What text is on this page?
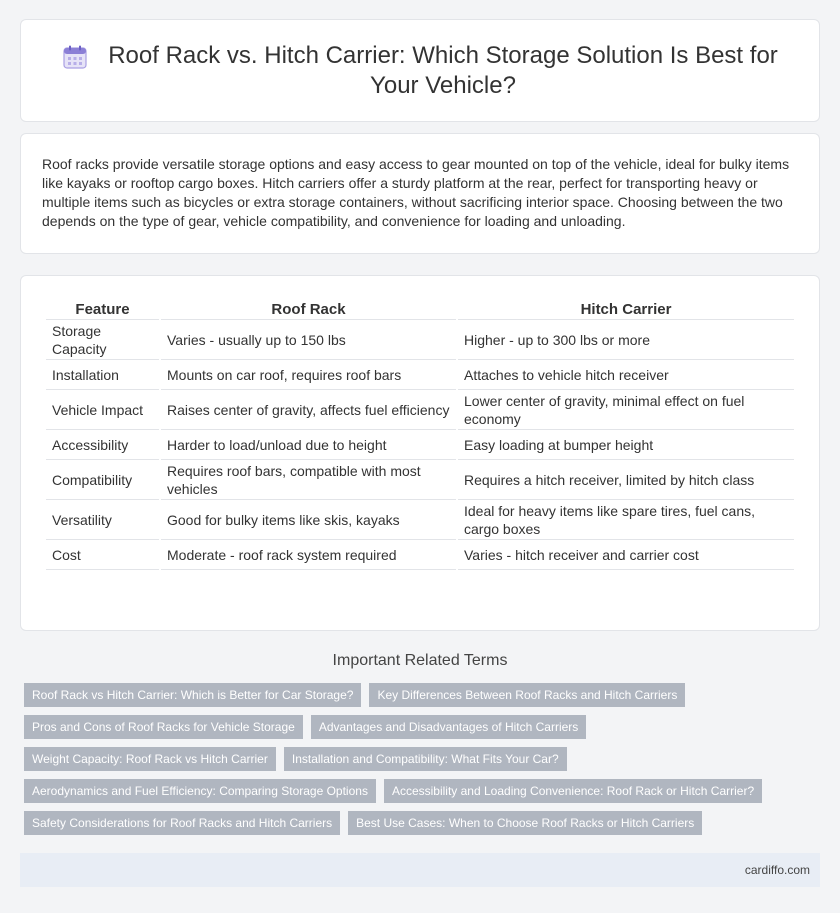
Roof Rack vs. Hitch Carrier: Which Storage Solution Is Best for Your Vehicle?

Roof racks provide versatile storage options and easy access to gear mounted on top of the vehicle, ideal for bulky items like kayaks or rooftop cargo boxes. Hitch carriers offer a sturdy platform at the rear, perfect for transporting heavy or multiple items such as bicycles or extra storage containers, without sacrificing interior space. Choosing between the two depends on the type of gear, vehicle compatibility, and convenience for loading and unloading.

Feature	Roof Rack	Hitch Carrier
Storage Capacity	Varies - usually up to 150 lbs	Higher - up to 300 lbs or more
Installation	Mounts on car roof, requires roof bars	Attaches to vehicle hitch receiver
Vehicle Impact	Raises center of gravity, affects fuel efficiency	Lower center of gravity, minimal effect on fuel economy
Accessibility	Harder to load/unload due to height	Easy loading at bumper height
Compatibility	Requires roof bars, compatible with most vehicles	Requires a hitch receiver, limited by hitch class
Versatility	Good for bulky items like skis, kayaks	Ideal for heavy items like spare tires, fuel cans, cargo boxes
Cost	Moderate - roof rack system required	Varies - hitch receiver and carrier cost
Important Related Terms
Roof Rack vs Hitch Carrier: Which is Better for Car Storage?	Key Differences Between Roof Racks and Hitch Carriers
Pros and Cons of Roof Racks for Vehicle Storage	Advantages and Disadvantages of Hitch Carriers
Weight Capacity: Roof Rack vs Hitch Carrier	Installation and Compatibility: What Fits Your Car?
Aerodynamics and Fuel Efficiency: Comparing Storage Options	Accessibility and Loading Convenience: Roof Rack or Hitch Carrier?
Safety Considerations for Roof Racks and Hitch Carriers	Best Use Cases: When to Choose Roof Racks or Hitch Carriers
cardiffo.com
